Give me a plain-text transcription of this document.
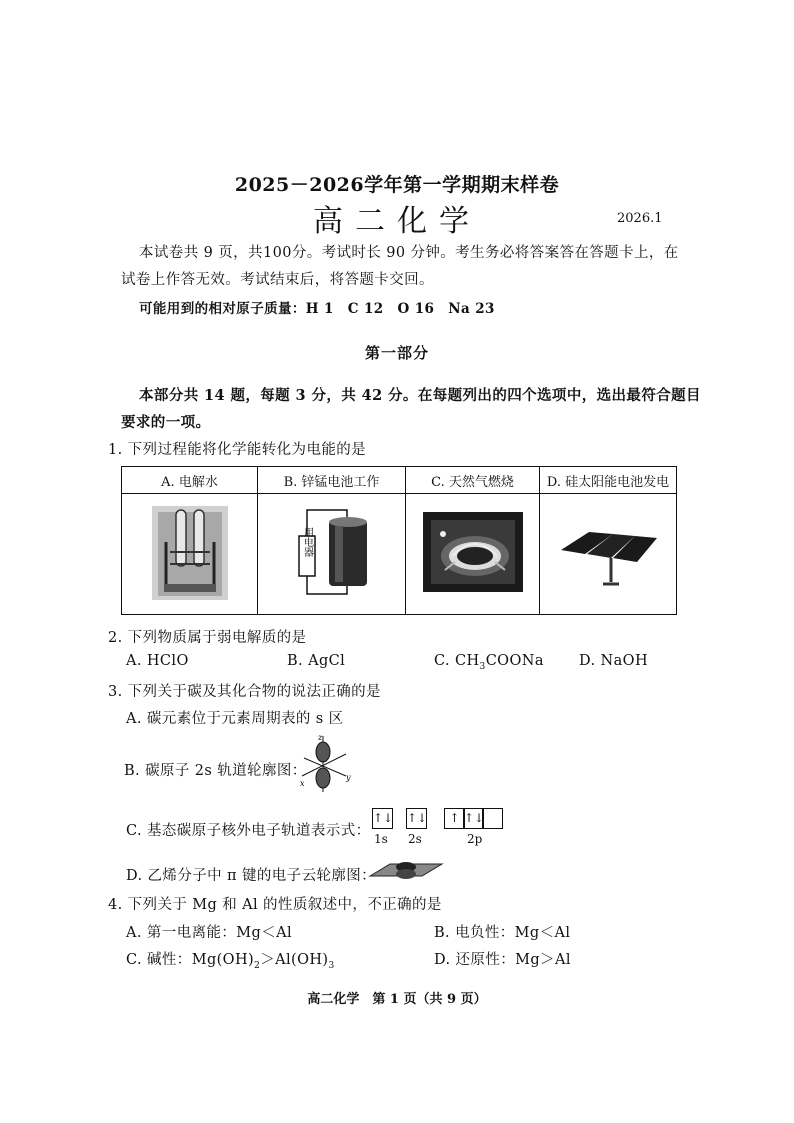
2025－2026学年第一学期期末样卷
高二化学	2026.1
本试卷共 9 页，共100分。考试时长 90 分钟。考生务必将答案答在答题卡上，在
试卷上作答无效。考试结束后，将答题卡交回。
可能用到的相对原子质量：H 1　C 12　O 16　Na 23
第一部分
本部分共 14 题，每题 3 分，共 42 分。在每题列出的四个选项中，选出最符合题目
要求的一项。
1. 下列过程能将化学能转化为电能的是
A. 电解水	B. 锌锰电池工作	C. 天然气燃烧	D. 硅太阳能电池发电

用电器

2. 下列物质属于弱电解质的是
A. HClO	B. AgCl	C. $CH_3COONa$ D. NaOH
3. 下列关于碳及其化合物的说法正确的是
A. 碳元素位于元素周期表的 s 区
B. 碳原子 2s 轨道轮廓图：
z
x
y
C. 基态碳原子核外电子轨道表示式：
↑↓ ↑↓	↑ ↑↓
1s 2s	2p
D. 乙烯分子中 π 键的电子云轮廓图：
4. 下列关于 Mg 和 Al 的性质叙述中，不正确的是
A. 第一电离能：Mg＜Al	B. 电负性：Mg＜Al
C. 碱性：$Mg(OH)_2>Al(OH)_3$	D. 还原性：Mg＞Al
高二化学　第 1 页（共 9 页）
